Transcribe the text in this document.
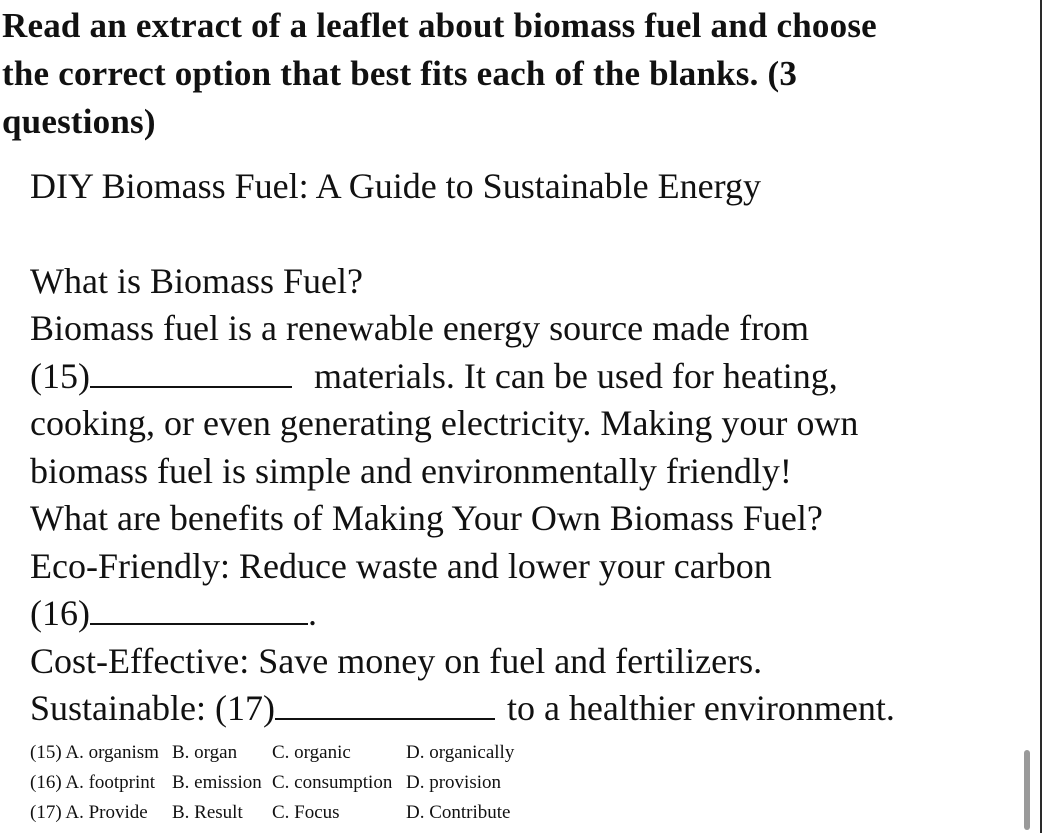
Read an extract of a leaflet about biomass fuel and choose
the correct option that best fits each of the blanks. (3
questions)
DIY Biomass Fuel: A Guide to Sustainable Energy
What is Biomass Fuel?
Biomass fuel is a renewable energy source made from
(15)	materials. It can be used for heating,
cooking, or even generating electricity. Making your own
biomass fuel is simple and environmentally friendly!
What are benefits of Making Your Own Biomass Fuel?
Eco-Friendly: Reduce waste and lower your carbon
(16)	.
Cost-Effective: Save money on fuel and fertilizers.
Sustainable: (17)	to a healthier environment.
(15) A. organism B. organ C. organic	D. organically
(16) A. footprint B. emission C. consumption D. provision
(17) A. Provide B. Result C. Focus	D. Contribute
